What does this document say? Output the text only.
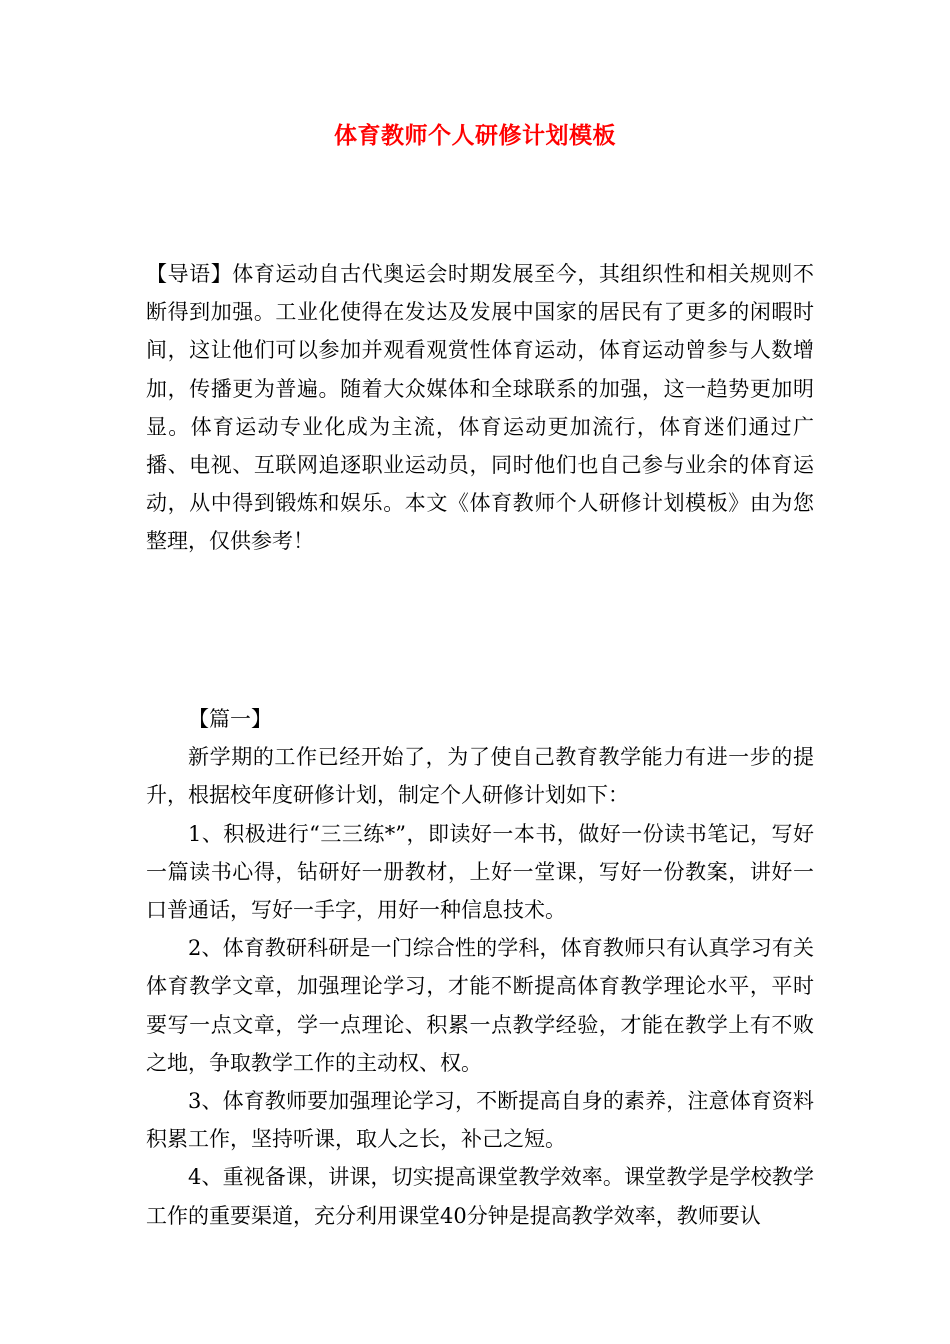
体育教师个人研修计划模板

【导语】体育运动自古代奥运会时期发展至今，其组织性和相关规则不断得到加强。工业化使得在发达及发展中国家的居民有了更多的闲暇时间，这让他们可以参加并观看观赏性体育运动，体育运动曾参与人数增加，传播更为普遍。随着大众媒体和全球联系的加强，这一趋势更加明显。体育运动专业化成为主流，体育运动更加流行，体育迷们通过广播、电视、互联网追逐职业运动员，同时他们也自己参与业余的体育运动，从中得到锻炼和娱乐。本文《体育教师个人研修计划模板》由为您整理，仅供参考！

【篇一】

新学期的工作已经开始了，为了使自己教育教学能力有进一步的提升，根据校年度研修计划，制定个人研修计划如下：

1、积极进行“三三练*”，即读好一本书，做好一份读书笔记，写好一篇读书心得，钻研好一册教材，上好一堂课，写好一份教案，讲好一口普通话，写好一手字，用好一种信息技术。

2、体育教研科研是一门综合性的学科，体育教师只有认真学习有关体育教学文章，加强理论学习，才能不断提高体育教学理论水平，平时要写一点文章，学一点理论、积累一点教学经验，才能在教学上有不败之地，争取教学工作的主动权、权。

3、体育教师要加强理论学习，不断提高自身的素养，注意体育资料积累工作，坚持听课，取人之长，补己之短。

4、重视备课，讲课，切实提高课堂教学效率。课堂教学是学校教学工作的重要渠道，充分利用课堂40分钟是提高教学效率，教师要认
